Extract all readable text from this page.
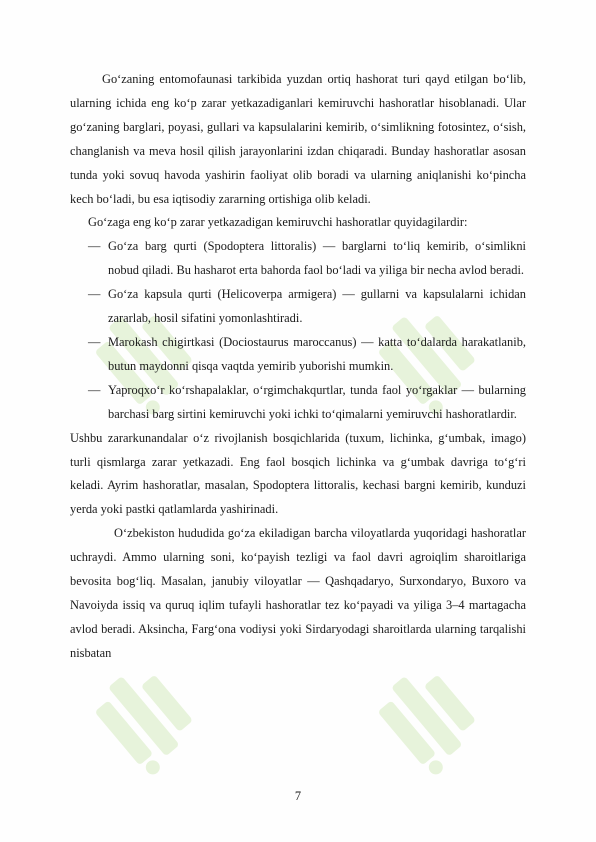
Go‘zaning entomofaunasi tarkibida yuzdan ortiq hashorat turi qayd etilgan bo‘lib, ularning ichida eng ko‘p zarar yetkazadiganlari kemiruvchi hashoratlar hisoblanadi. Ular go‘zaning barglari, poyasi, gullari va kapsulalarini kemirib, o‘simlikning fotosintez, o‘sish, changlanish va meva hosil qilish jarayonlarini izdan chiqaradi. Bunday hashoratlar asosan tunda yoki sovuq havoda yashirin faoliyat olib boradi va ularning aniqlanishi ko‘pincha kech bo‘ladi, bu esa iqtisodiy zararning ortishiga olib keladi.

Go‘zaga eng ko‘p zarar yetkazadigan kemiruvchi hashoratlar quyidagilardir:

— Go‘za barg qurti (Spodoptera littoralis) — barglarni to‘liq kemirib, o‘simlikni nobud qiladi. Bu hasharot erta bahorda faol bo‘ladi va yiliga bir necha avlod beradi.
— Go‘za kapsula qurti (Helicoverpa armigera) — gullarni va kapsulalarni ichidan zararlab, hosil sifatini yomonlashtiradi.
— Marokash chigirtkasi (Dociostaurus maroccanus) — katta to‘dalarda harakatlanib, butun maydonni qisqa vaqtda yemirib yuborishi mumkin.
— Yaproqxo‘r ko‘rshapalaklar, o‘rgimchakqurtlar, tunda faol yo‘rgaklar — bularning barchasi barg sirtini kemiruvchi yoki ichki to‘qimalarni yemiruvchi hashoratlardir.

Ushbu zararkunandalar o‘z rivojlanish bosqichlarida (tuxum, lichinka, g‘umbak, imago) turli qismlarga zarar yetkazadi. Eng faol bosqich lichinka va g‘umbak davriga to‘g‘ri keladi. Ayrim hashoratlar, masalan, Spodoptera littoralis, kechasi bargni kemirib, kunduzi yerda yoki pastki qatlamlarda yashirinadi.

O‘zbekiston hududida go‘za ekiladigan barcha viloyatlarda yuqoridagi hashoratlar uchraydi. Ammo ularning soni, ko‘payish tezligi va faol davri agroiqlim sharoitlariga bevosita bog‘liq. Masalan, janubiy viloyatlar — Qashqadaryo, Surxondaryo, Buxoro va Navoiyda issiq va quruq iqlim tufayli hashoratlar tez ko‘payadi va yiliga 3–4 martagacha avlod beradi. Aksincha, Farg‘ona vodiysi yoki Sirdaryodagi sharoitlarda ularning tarqalishi nisbatan

7
